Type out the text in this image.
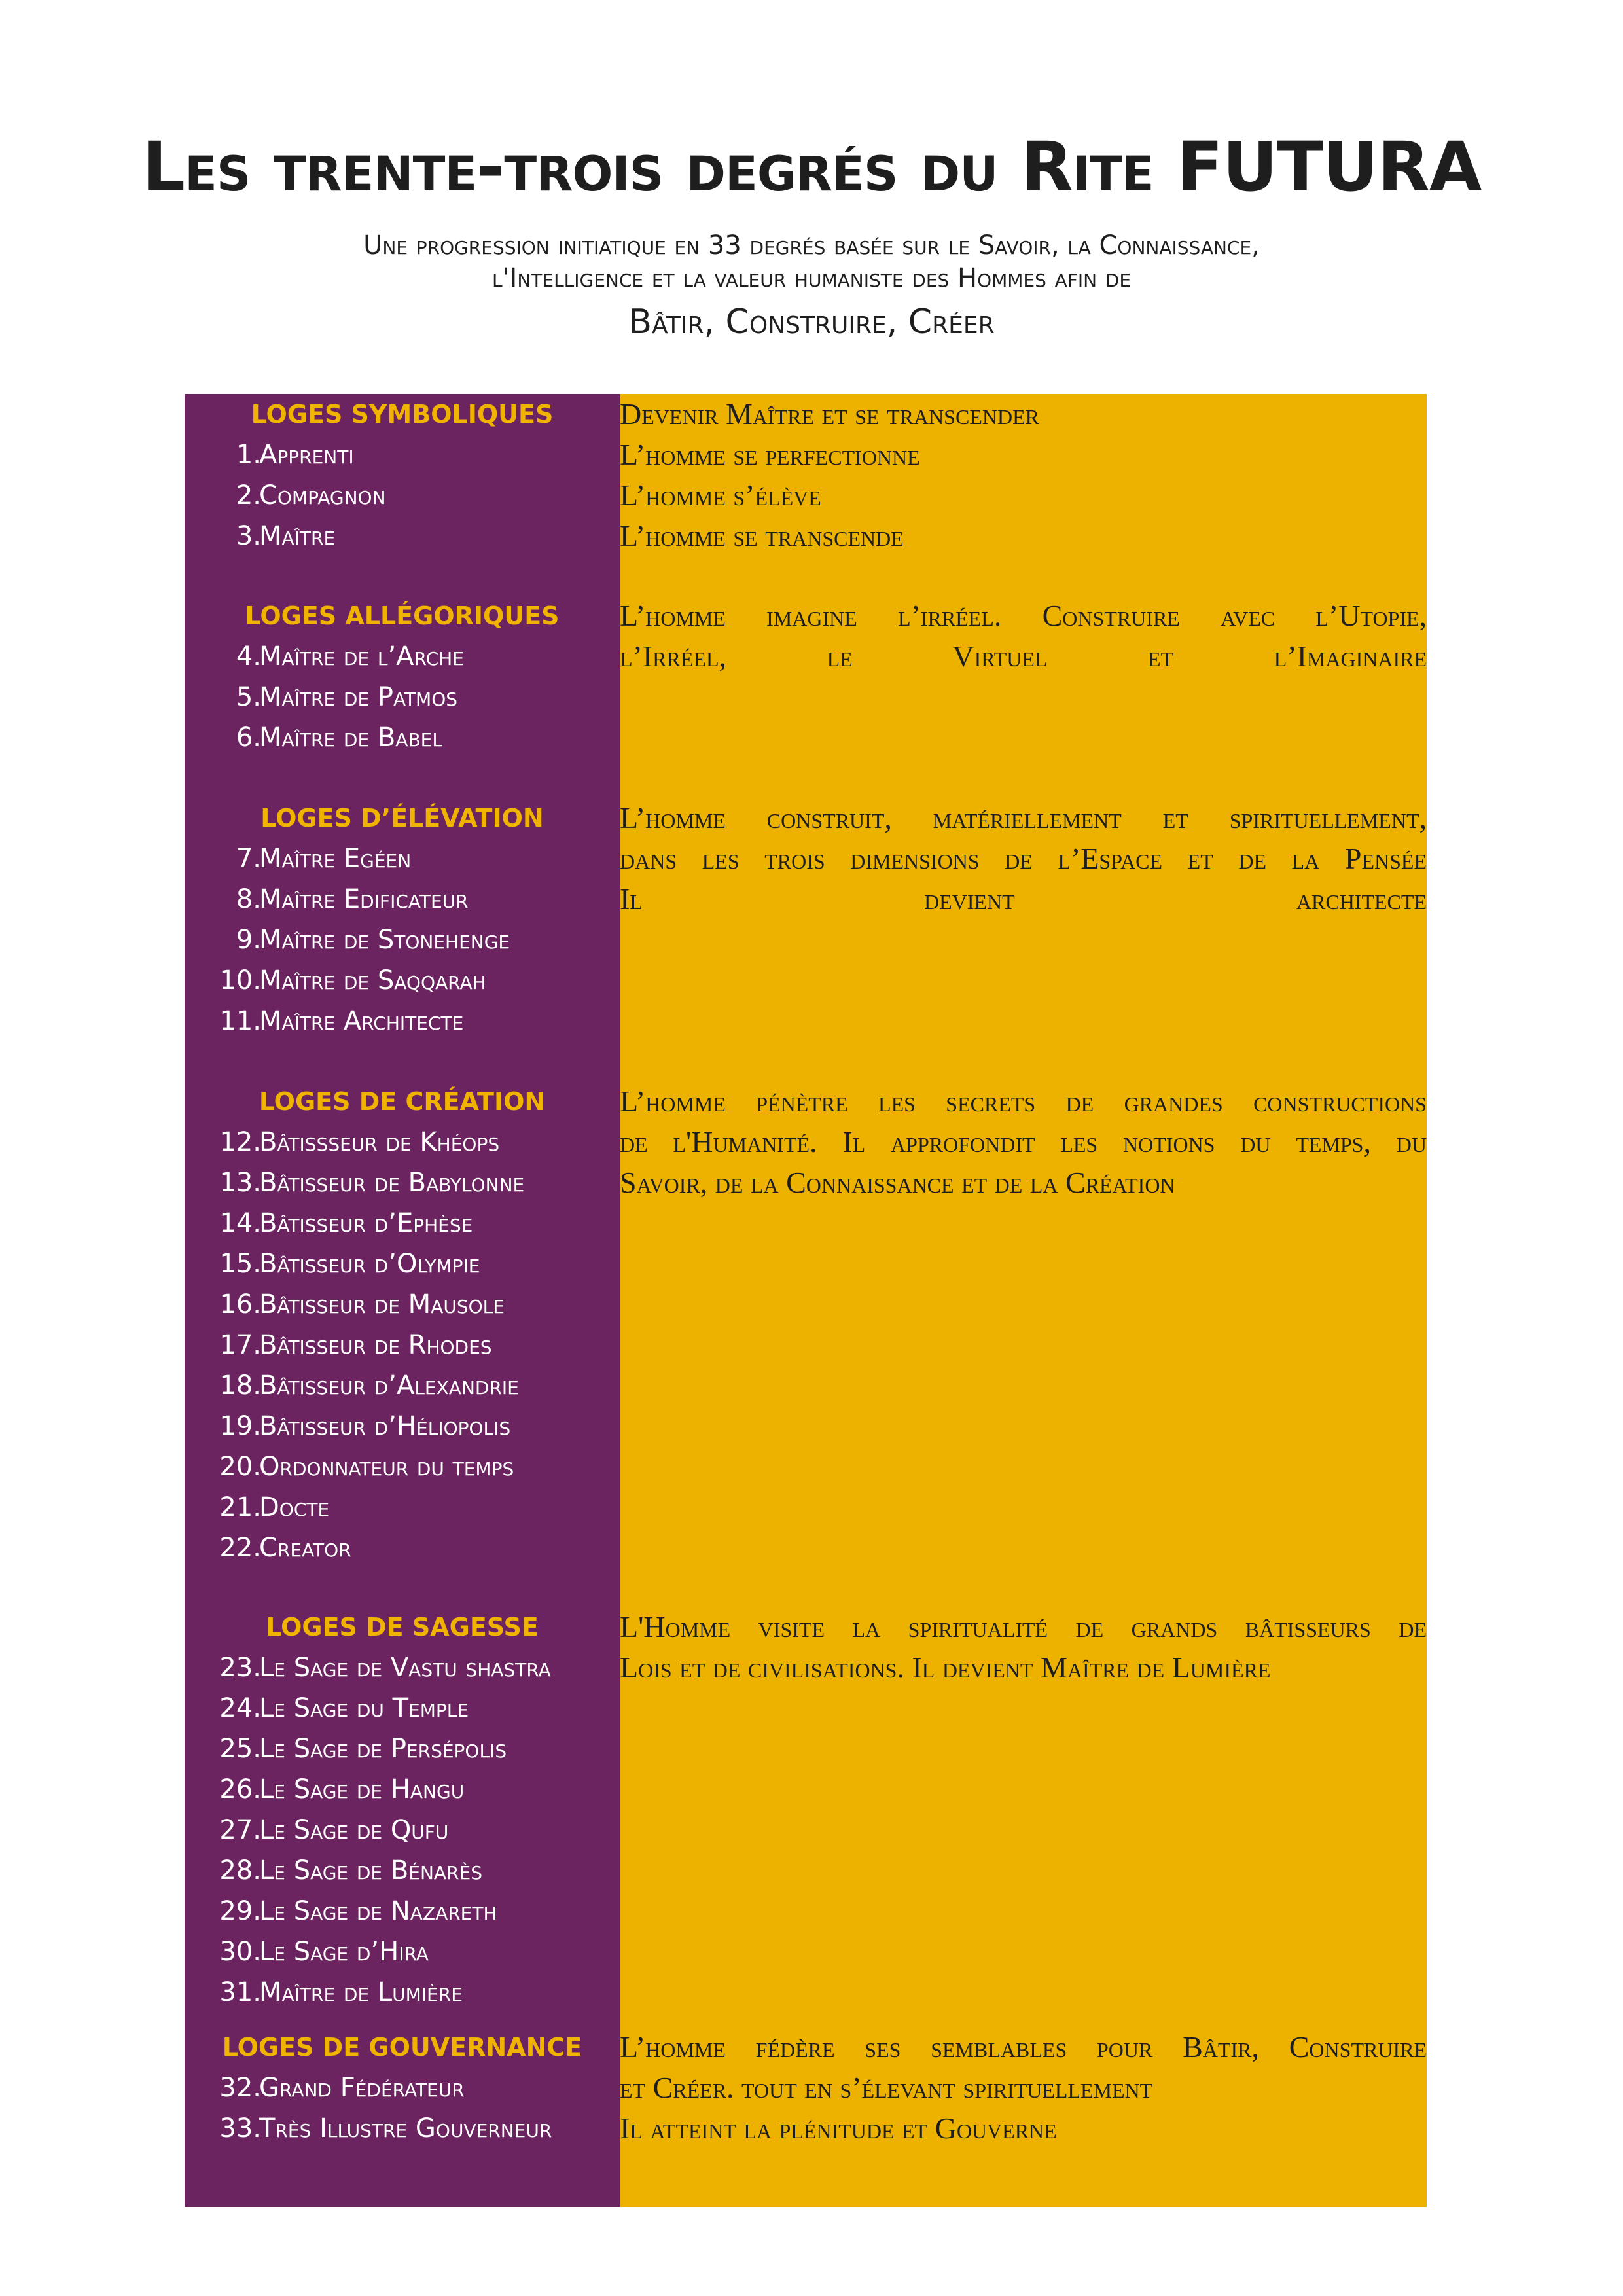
Les trente-trois degrés du Rite FUTURA
Une progression initiatique en 33 degrés basée sur le Savoir, la Connaissance,
l'Intelligence et la valeur humaniste des Hommes afin de
Bâtir, Construire, Créer
LOGES SYMBOLIQUES
1.
Apprenti
2.
Compagnon
3.
Maître
Devenir Maître et se transcender
L’homme se perfectionne
L’homme s’élève
L’homme se transcende
LOGES ALLÉGORIQUES
4.
Maître de l’Arche
5.
Maître de Patmos
6.
Maître de Babel
L’homme imagine l’irréel. Construire avec l’Utopie,
l’Irréel, le Virtuel et l’Imaginaire
LOGES D’ÉLÉVATION
7.
Maître Egéen
8.
Maître Edificateur
9.
Maître de Stonehenge
10.
Maître de Saqqarah
11.
Maître Architecte
L’homme construit, matériellement et spirituellement,
dans les trois dimensions de l’Espace et de la Pensée
Il devient architecte
LOGES DE CRÉATION
12.
Bâtissseur de Khéops
13.
Bâtisseur de Babylonne
14.
Bâtisseur d’Ephèse
15.
Bâtisseur d’Olympie
16.
Bâtisseur de Mausole
17.
Bâtisseur de Rhodes
18.
Bâtisseur d’Alexandrie
19.
Bâtisseur d’Héliopolis
20.
Ordonnateur du temps
21.
Docte
22.
Creator
L’homme pénètre les secrets de grandes constructions
de l'Humanité. Il approfondit les notions du temps, du
Savoir, de la Connaissance et de la Création
LOGES DE SAGESSE
23.
Le Sage de Vastu shastra
24.
Le Sage du Temple
25.
Le Sage de Persépolis
26.
Le Sage de Hangu
27.
Le Sage de Qufu
28.
Le Sage de Bénarès
29.
Le Sage de Nazareth
30.
Le Sage d’Hira
31.
Maître de Lumière
L'Homme visite la spiritualité de grands bâtisseurs de
Lois et de civilisations. Il devient Maître de Lumière
LOGES DE GOUVERNANCE
32.
Grand Fédérateur
33.
Très Illustre Gouverneur
L’homme fédère ses semblables pour Bâtir, Construire
et Créer. tout en s’élevant spirituellement
Il atteint la plénitude et Gouverne
